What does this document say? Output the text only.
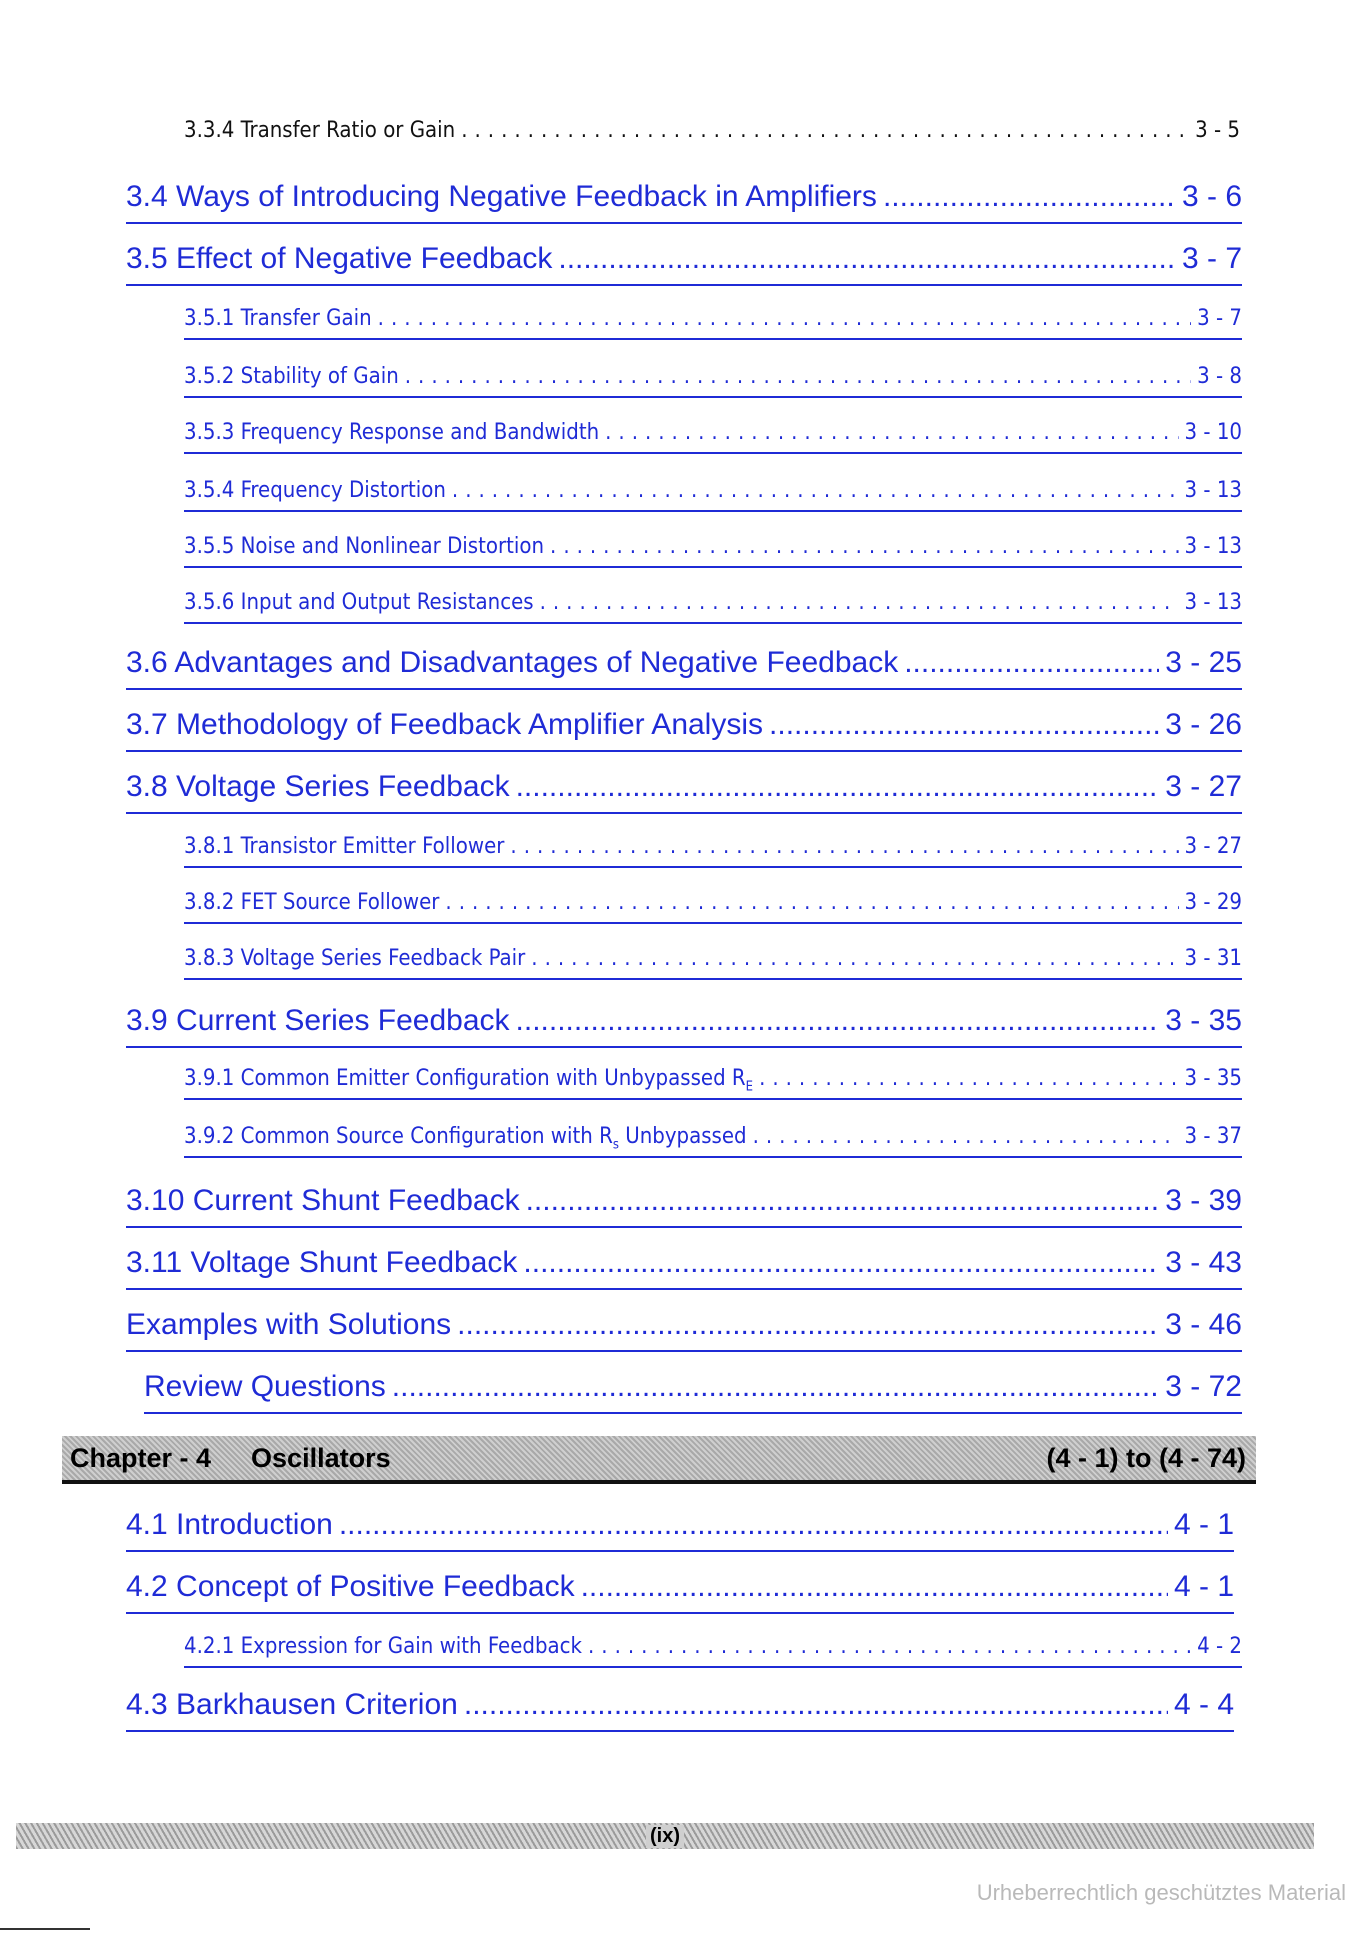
3.3.4 Transfer Ratio or Gain .....	3 - 5
3.4 Ways of Introducing Negative Feedback in Amplifiers .....	3 - 6
3.5 Effect of Negative Feedback .....	3 - 7
3.5.1 Transfer Gain .....	3 - 7
3.5.2 Stability of Gain .....	3 - 8
3.5.3 Frequency Response and Bandwidth .....	3 - 10
3.5.4 Frequency Distortion .....	3 - 13
3.5.5 Noise and Nonlinear Distortion .....	3 - 13
3.5.6 Input and Output Resistances .....	3 - 13
3.6 Advantages and Disadvantages of Negative Feedback .....	3 - 25
3.7 Methodology of Feedback Amplifier Analysis .....	3 - 26
3.8 Voltage Series Feedback .....	3 - 27
3.8.1 Transistor Emitter Follower .....	3 - 27
3.8.2 FET Source Follower .....	3 - 29
3.8.3 Voltage Series Feedback Pair .....	3 - 31
3.9 Current Series Feedback .....	3 - 35
3.9.1 Common Emitter Configuration with Unbypassed $R_E$ .....	3 - 35
3.9.2 Common Source Configuration with $R_s$ Unbypassed .....	3 - 37
3.10 Current Shunt Feedback .....	3 - 39
3.11 Voltage Shunt Feedback .....	3 - 43
Examples with Solutions .....	3 - 46
Review Questions .....	3 - 72
Chapter - 4 Oscillators	(4 - 1) to (4 - 74)
4.1 Introduction .....	4 - 1
4.2 Concept of Positive Feedback .....	4 - 1
4.2.1 Expression for Gain with Feedback .....	4 - 2
4.3 Barkhausen Criterion .....	4 - 4
(ix)
Urheberrechtlich geschütztes Material
